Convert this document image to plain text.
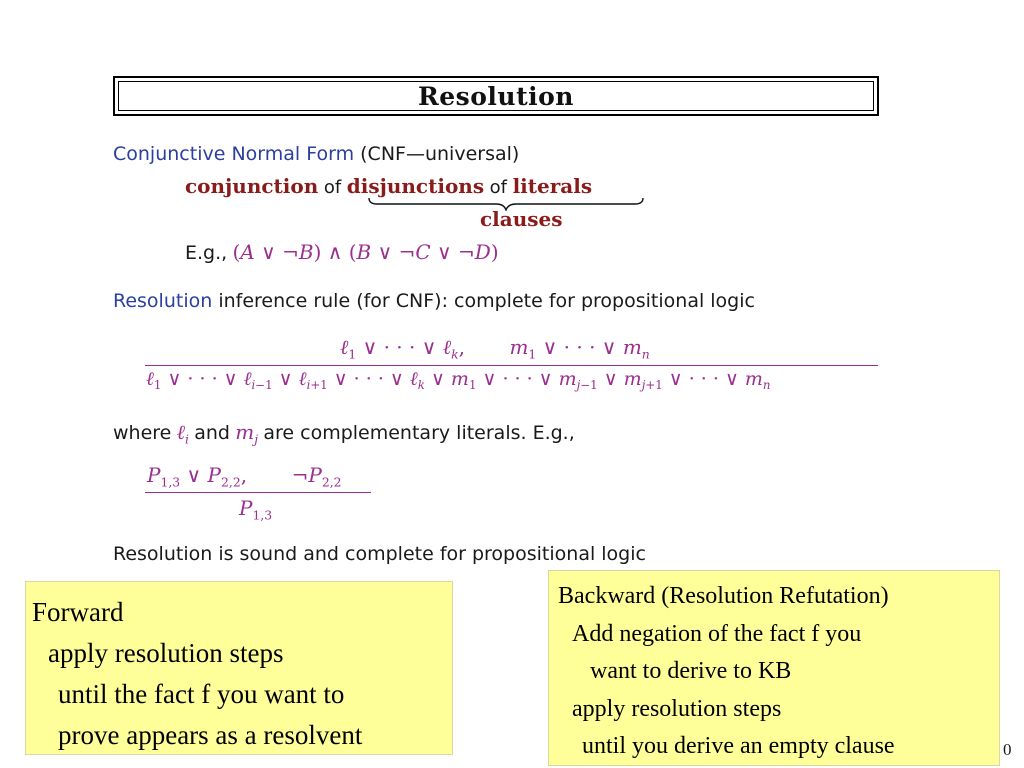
Resolution
Conjunctive Normal Form (CNF—universal)
conjunction of disjunctions of literals
clauses
E.g., (A ∨ ¬B) ∧ (B ∨ ¬C ∨ ¬D)
Resolution inference rule (for CNF): complete for propositional logic
ℓ$_1$ ∨ · · · ∨ ℓ$_k$,       $m_1$ ∨ · · · ∨ $m_n$
ℓ$_1$ ∨ · · · ∨ ℓ$_{i-1}$ ∨ ℓ$_{i+1}$ ∨ · · · ∨ ℓ$_k$ ∨ $m_1$ ∨ · · · ∨ $m_{j-1}$ ∨ $m_{j+1}$ ∨ · · · ∨ $m_n$
where ℓ$_i$ and $m_j$ are complementary literals. E.g.,
$P_{1,3}$ ∨ $P_{2,2}$,       $\neg P_{2,2}$
$P_{1,3}$
Resolution is sound and complete for propositional logic
Forward
apply resolution steps
until the fact f you want to
prove appears as a resolvent
Backward (Resolution Refutation)
Add negation of the fact f you
want to derive to KB
apply resolution steps
until you derive an empty clause	0
